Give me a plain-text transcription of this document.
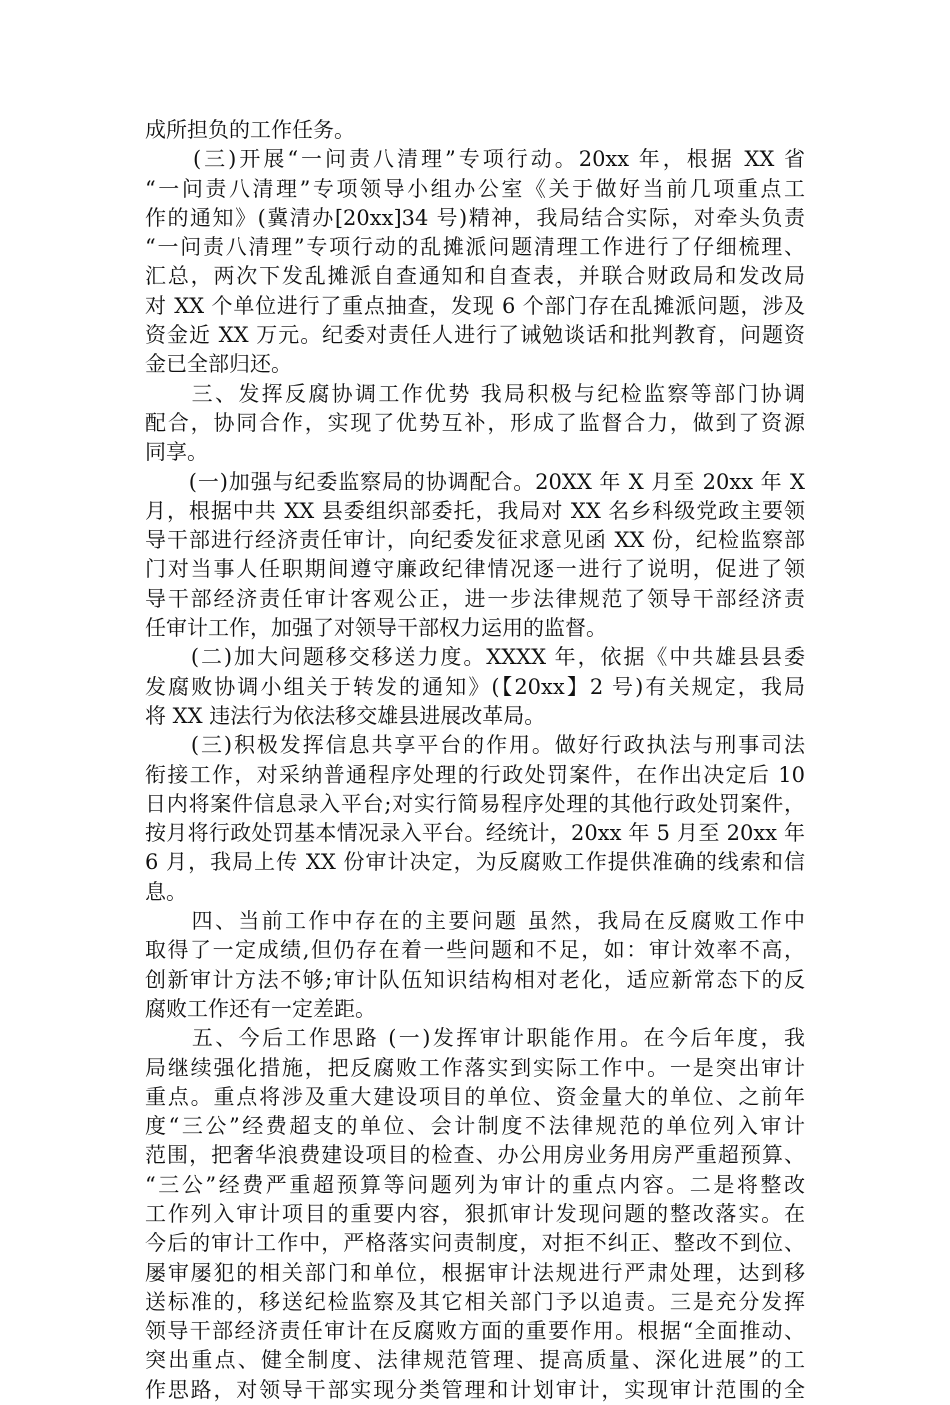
成所担负的工作任务。
　　(三)开展“一问责八清理”专项行动。20xx 年，根据 XX 省
“一问责八清理”专项领导小组办公室《关于做好当前几项重点工
作的通知》(冀清办[20xx]34 号)精神，我局结合实际，对牵头负责
“一问责八清理”专项行动的乱摊派问题清理工作进行了仔细梳理、
汇总，两次下发乱摊派自查通知和自查表，并联合财政局和发改局
对 XX 个单位进行了重点抽查，发现 6 个部门存在乱摊派问题，涉及
资金近 XX 万元。纪委对责任人进行了诫勉谈话和批判教育，问题资
金已全部归还。
　　三、发挥反腐协调工作优势 我局积极与纪检监察等部门协调
配合，协同合作，实现了优势互补，形成了监督合力，做到了资源
同享。
　　(一)加强与纪委监察局的协调配合。20XX 年 X 月至 20xx 年 X
月，根据中共 XX 县委组织部委托，我局对 XX 名乡科级党政主要领
导干部进行经济责任审计，向纪委发征求意见函 XX 份，纪检监察部
门对当事人任职期间遵守廉政纪律情况逐一进行了说明，促进了领
导干部经济责任审计客观公正，进一步法律规范了领导干部经济责
任审计工作，加强了对领导干部权力运用的监督。
　　(二)加大问题移交移送力度。XXXX 年，依据《中共雄县县委
发腐败协调小组关于转发的通知》(【20xx】2 号)有关规定，我局
将 XX 违法行为依法移交雄县进展改革局。
　　(三)积极发挥信息共享平台的作用。做好行政执法与刑事司法
衔接工作，对采纳普通程序处理的行政处罚案件，在作出决定后 10
日内将案件信息录入平台;对实行简易程序处理的其他行政处罚案件，
按月将行政处罚基本情况录入平台。经统计，20xx 年 5 月至 20xx 年
6 月，我局上传 XX 份审计决定，为反腐败工作提供准确的线索和信
息。
　　四、当前工作中存在的主要问题 虽然，我局在反腐败工作中
取得了一定成绩,但仍存在着一些问题和不足，如：审计效率不高，
创新审计方法不够;审计队伍知识结构相对老化，适应新常态下的反
腐败工作还有一定差距。
　　五、今后工作思路 (一)发挥审计职能作用。在今后年度，我
局继续强化措施，把反腐败工作落实到实际工作中。一是突出审计
重点。重点将涉及重大建设项目的单位、资金量大的单位、之前年
度“三公”经费超支的单位、会计制度不法律规范的单位列入审计
范围，把奢华浪费建设项目的检查、办公用房业务用房严重超预算、
“三公”经费严重超预算等问题列为审计的重点内容。二是将整改
工作列入审计项目的重要内容，狠抓审计发现问题的整改落实。在
今后的审计工作中，严格落实问责制度，对拒不纠正、整改不到位、
屡审屡犯的相关部门和单位，根据审计法规进行严肃处理，达到移
送标准的，移送纪检监察及其它相关部门予以追责。三是充分发挥
领导干部经济责任审计在反腐败方面的重要作用。根据“全面推动、
突出重点、健全制度、法律规范管理、提高质量、深化进展”的工
作思路，对领导干部实现分类管理和计划审计，实现审计范围的全
